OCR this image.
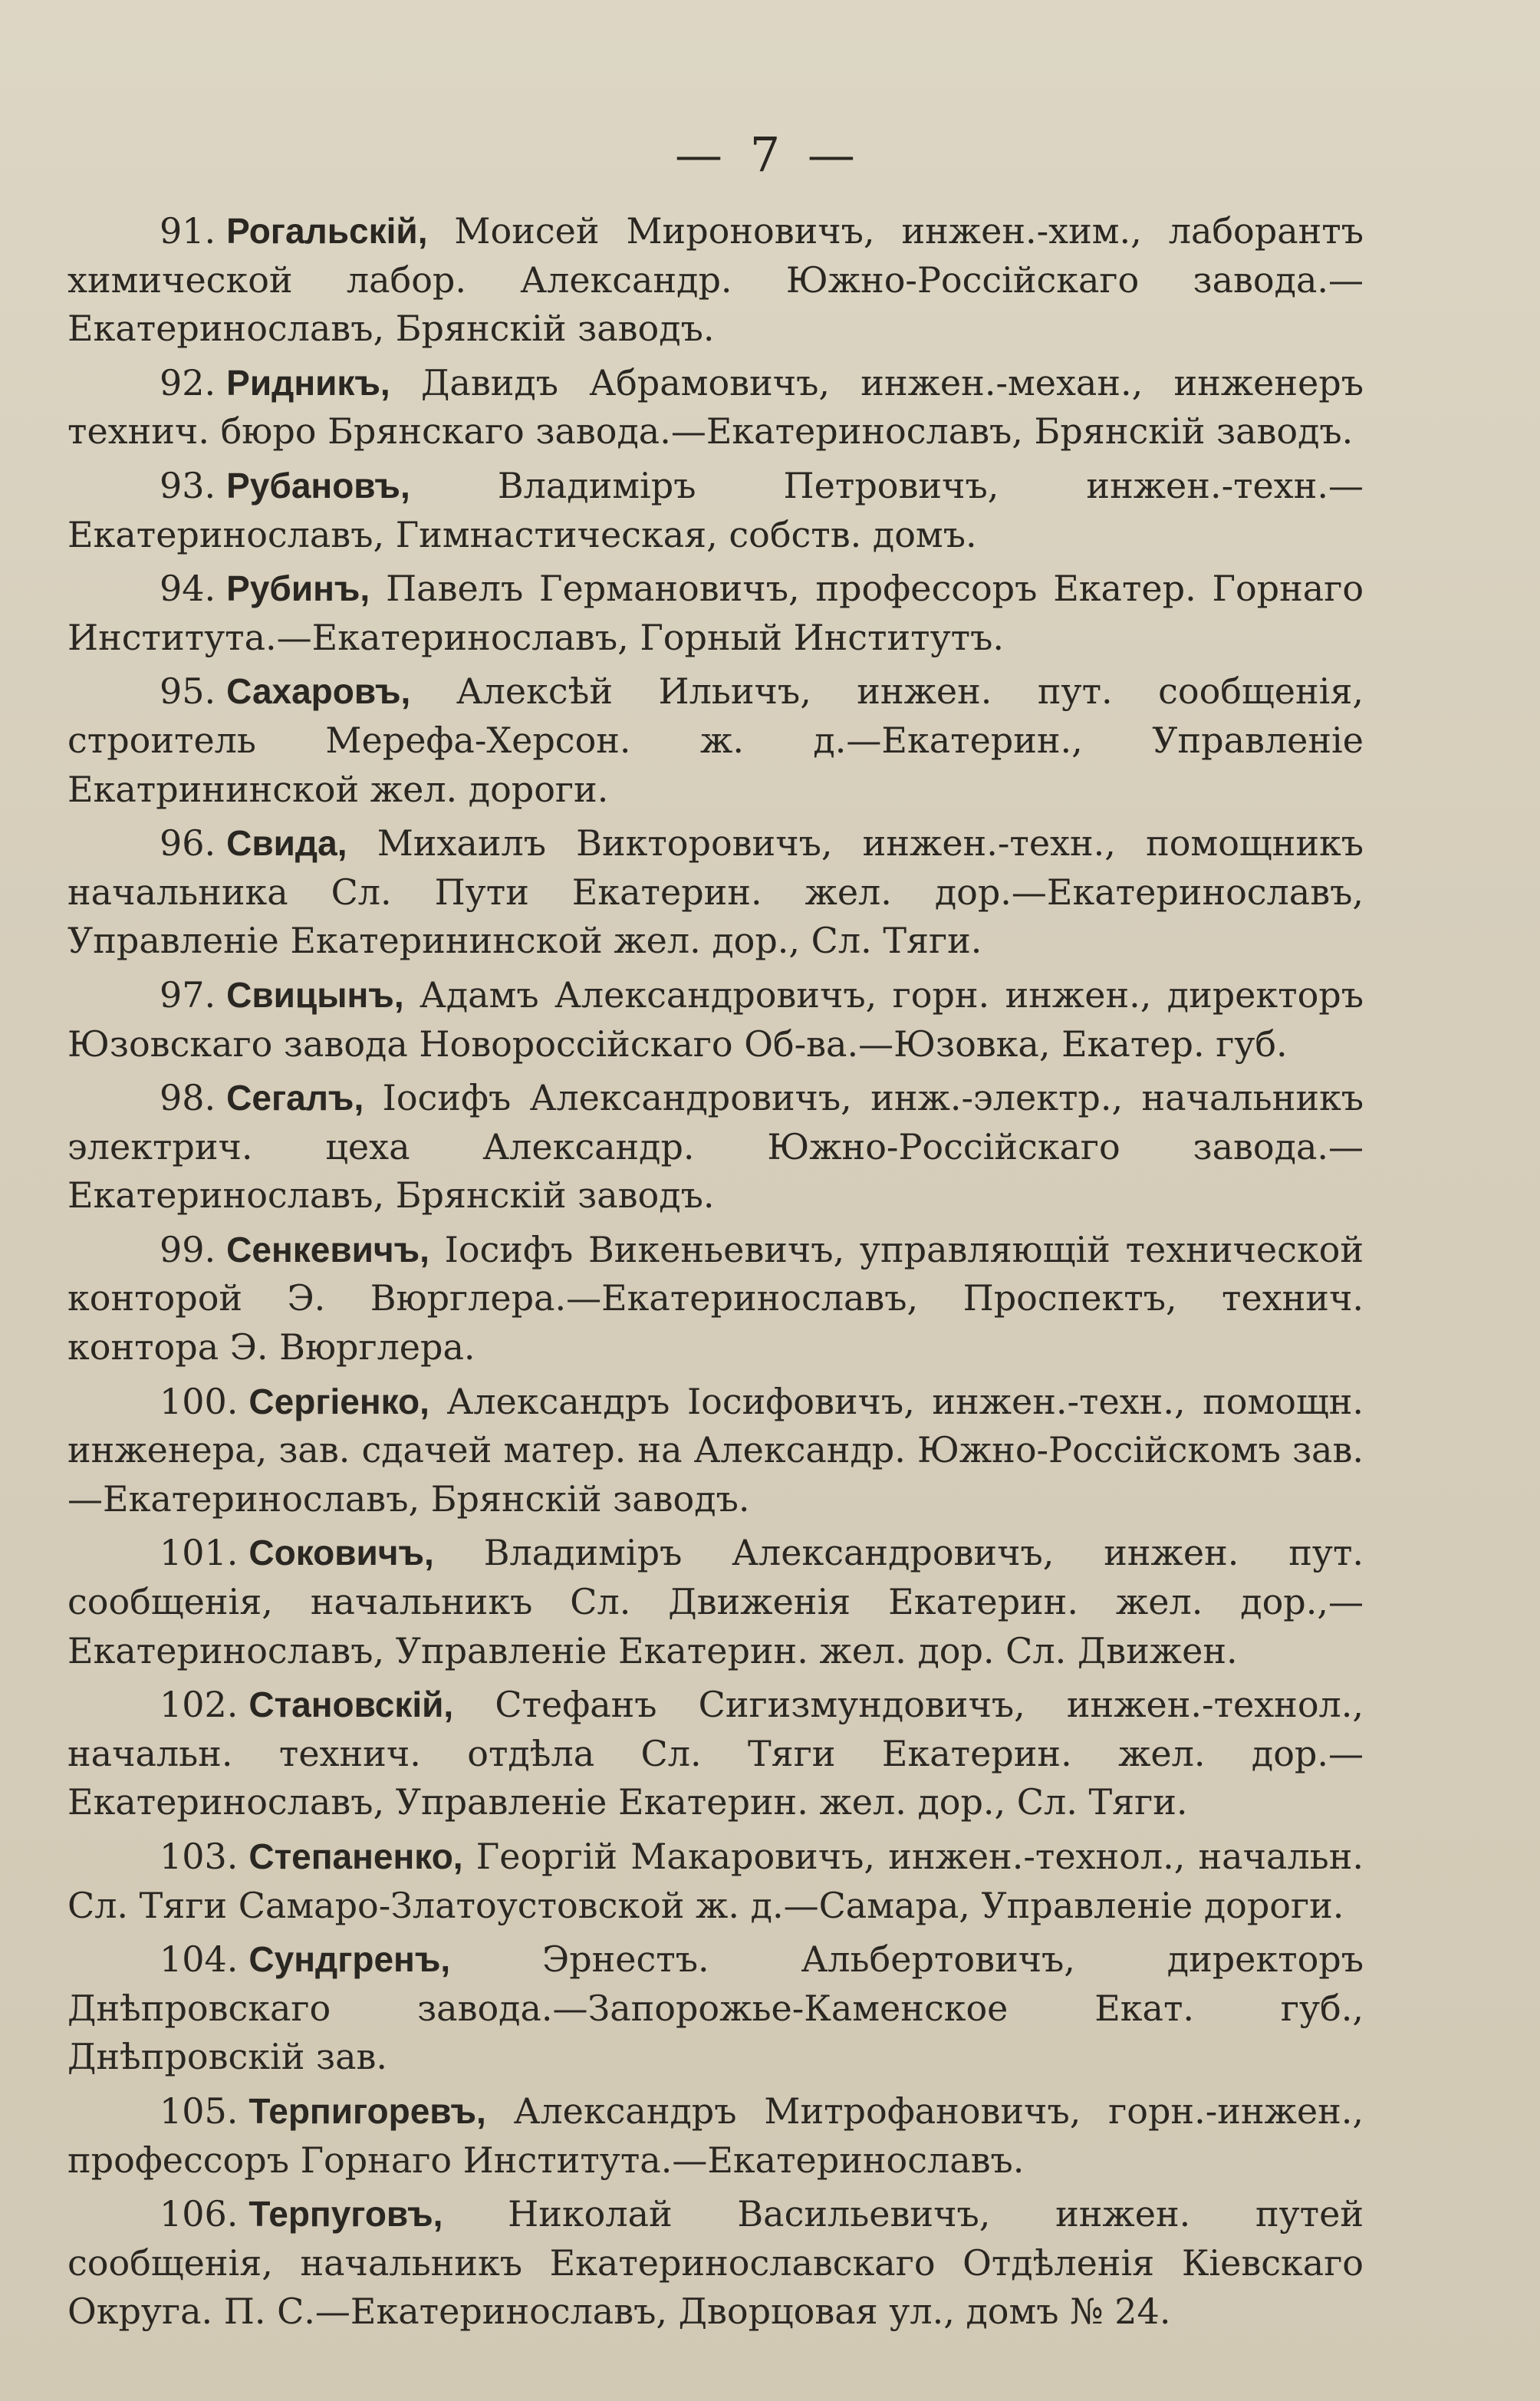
— 7 —

91. Рогальскій, Моисей Мироновичъ, инжен.-хим., лаборантъ химической лабор. Александр. Южно-Россійскаго завода.—Екатеринославъ, Брянскій заводъ.

92. Ридникъ, Давидъ Абрамовичъ, инжен.-механ., инженеръ технич. бюро Брянскаго завода.—Екатеринославъ, Брянскій заводъ.

93. Рубановъ, Владиміръ Петровичъ, инжен.-техн.—Екатеринославъ, Гимнастическая, собств. домъ.

94. Рубинъ, Павелъ Германовичъ, профессоръ Екатер. Горнаго Института.—Екатеринославъ, Горный Институтъ.

95. Сахаровъ, Алексѣй Ильичъ, инжен. пут. сообщенія, строитель Мерефа-Херсон. ж. д.—Екатерин., Управленіе Екатрининской жел. дороги.

96. Свида, Михаилъ Викторовичъ, инжен.-техн., помощникъ начальника Сл. Пути Екатерин. жел. дор.—Екатеринославъ, Управленіе Екатерининской жел. дор., Сл. Тяги.

97. Свицынъ, Адамъ Александровичъ, горн. инжен., директоръ Юзовскаго завода Новороссійскаго Об-ва.—Юзовка, Екатер. губ.

98. Сегалъ, Іосифъ Александровичъ, инж.-электр., начальникъ электрич. цеха Александр. Южно-Россійскаго завода.—Екатеринославъ, Брянскій заводъ.

99. Сенкевичъ, Іосифъ Викеньевичъ, управляющій технической конторой Э. Вюрглера.—Екатеринославъ, Проспектъ, технич. контора Э. Вюрглера.

100. Сергіенко, Александръ Іосифовичъ, инжен.-техн., помощн. инженера, зав. сдачей матер. на Александр. Южно-Россійскомъ зав.—Екатеринославъ, Брянскій заводъ.

101. Соковичъ, Владиміръ Александровичъ, инжен. пут. сообщенія, начальникъ Сл. Движенія Екатерин. жел. дор.,—Екатеринославъ, Управленіе Екатерин. жел. дор. Сл. Движен.

102. Становскій, Стефанъ Сигизмундовичъ, инжен.-технол., начальн. технич. отдѣла Сл. Тяги Екатерин. жел. дор.—Екатеринославъ, Управленіе Екатерин. жел. дор., Сл. Тяги.

103. Степаненко, Георгій Макаровичъ, инжен.-технол., начальн. Сл. Тяги Самаро-Златоустовской ж. д.—Самара, Управленіе дороги.

104. Сундгренъ,	Эрнестъ. Альбертовичъ, директоръ Днѣпровскаго завода.—Запорожье-Каменское Екат. губ., Днѣпровскій зав.

105. Терпигоревъ, Александръ Митрофановичъ, горн.-инжен., профессоръ Горнаго Института.—Екатеринославъ.

106. Терпуговъ, Николай Васильевичъ, инжен. путей сообщенія, начальникъ Екатеринославскаго Отдѣленія Кіевскаго Округа. П. С.—Екатеринославъ, Дворцовая ул., домъ № 24.
